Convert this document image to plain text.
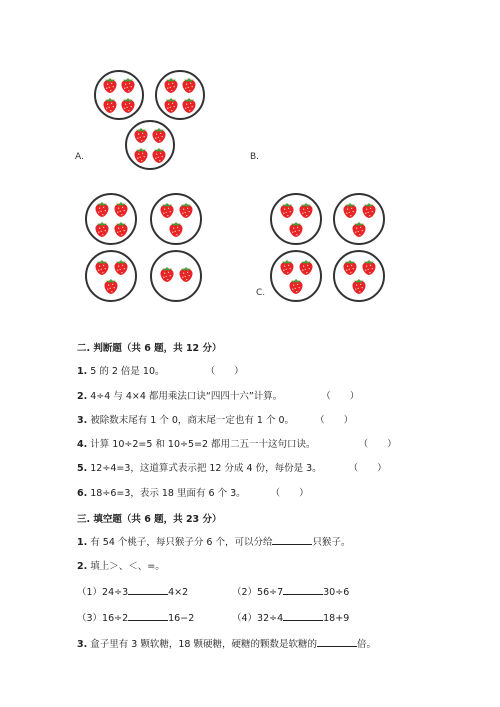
A.	B.
C.
二. 判断题（共 6 题，共 12 分）
1. 5 的 2 倍是 10。	（　　）
2. 4÷4 与 4×4 都用乘法口诀“四四十六”计算。	（　　）
3. 被除数末尾有 1 个 0，商末尾一定也有 1 个 0。 （　　）
4. 计算 10÷2=5 和 10÷5=2 都用二五一十这句口诀。	（　　）
5. 12÷4=3，这道算式表示把 12 分成 4 份，每份是 3。	（　　）
6. 18÷6=3，表示 18 里面有 6 个 3。	（　　）
三. 填空题（共 6 题，共 23 分）
1. 有 54 个桃子，每只猴子分 6 个，可以分给	只猴子。
2. 填上＞、＜、=。
（1）24÷3	4×2	（2）56÷7	30÷6
（3）16÷2	16−2	（4）32÷4	18+9
3. 盒子里有 3 颗软糖，18 颗硬糖，硬糖的颗数是软糖的	倍。
